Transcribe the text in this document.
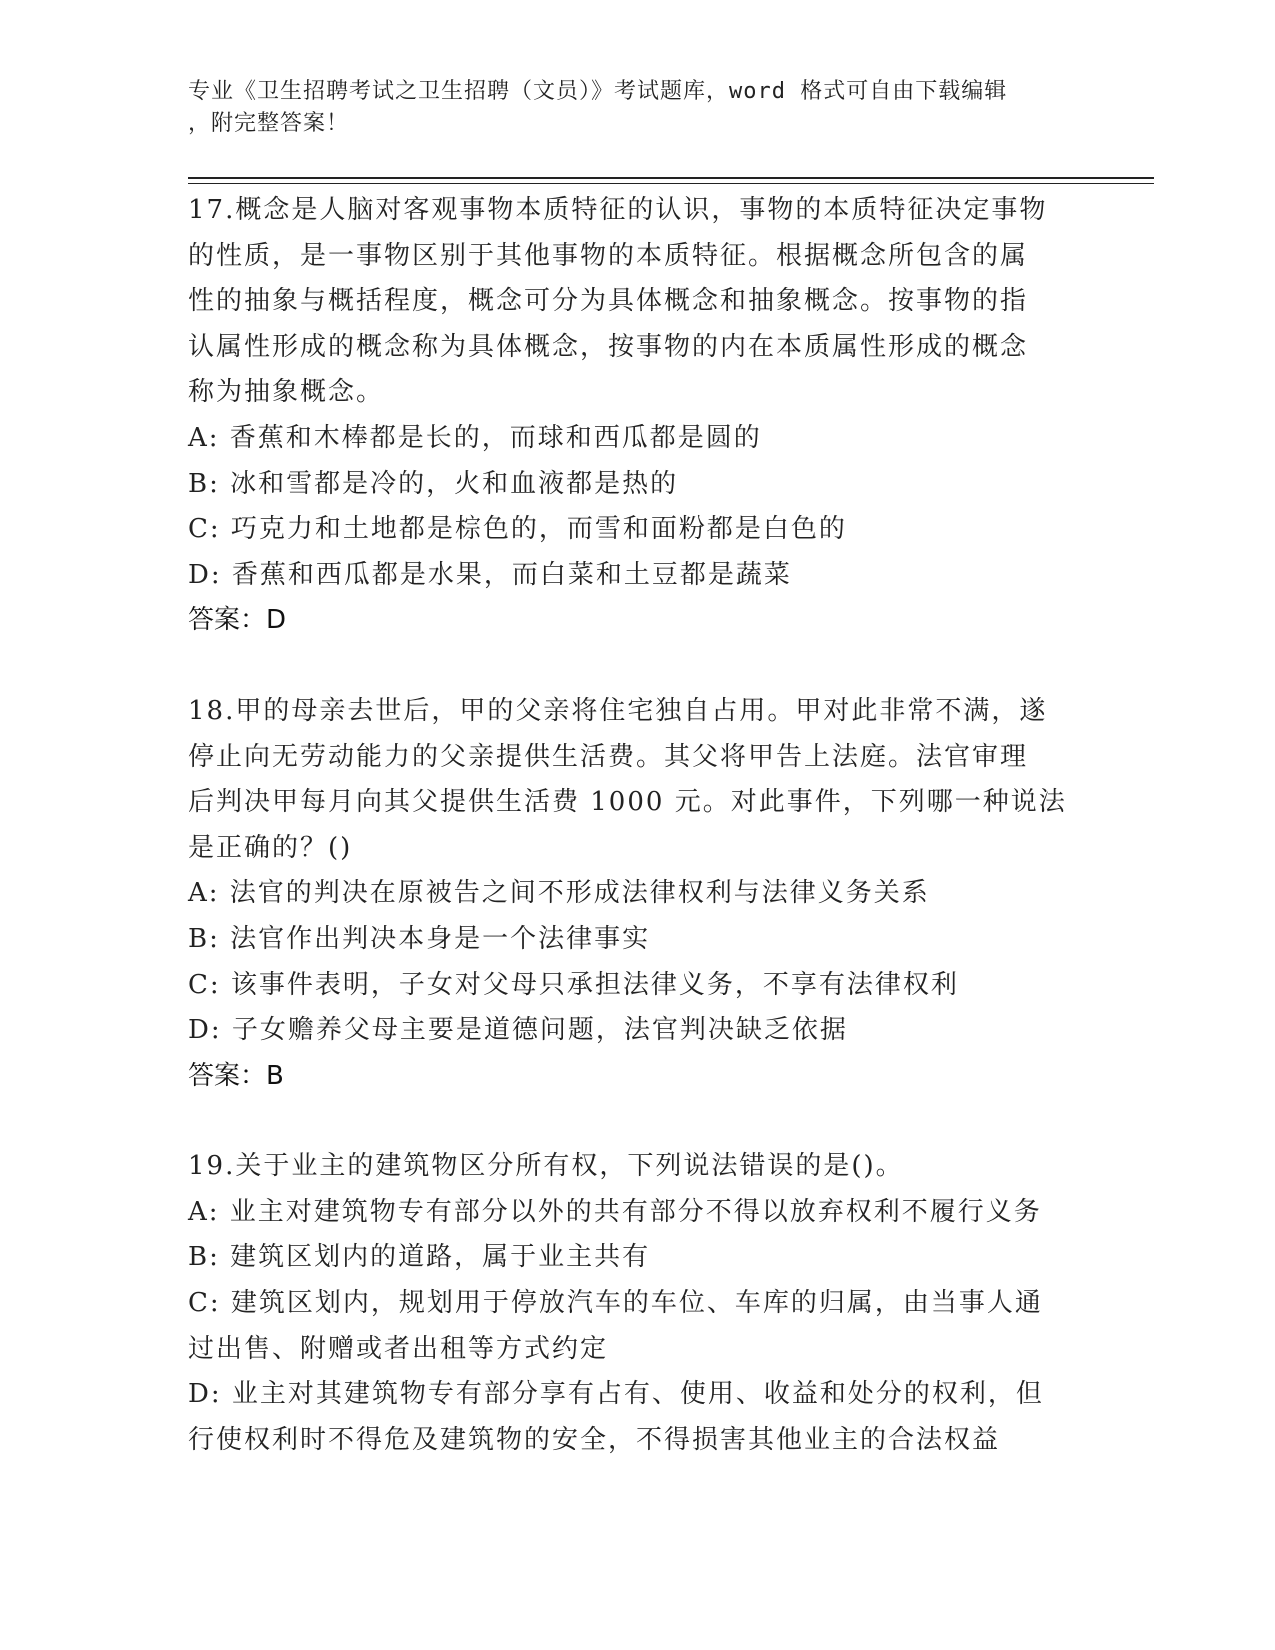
专业《卫生招聘考试之卫生招聘（文员）》考试题库，word 格式可自由下载编辑
，附完整答案！
17.概念是人脑对客观事物本质特征的认识，事物的本质特征决定事物
的性质，是一事物区别于其他事物的本质特征。根据概念所包含的属
性的抽象与概括程度，概念可分为具体概念和抽象概念。按事物的指
认属性形成的概念称为具体概念，按事物的内在本质属性形成的概念
称为抽象概念。
A: 香蕉和木棒都是长的，而球和西瓜都是圆的
B: 冰和雪都是冷的，火和血液都是热的
C: 巧克力和土地都是棕色的，而雪和面粉都是白色的
D: 香蕉和西瓜都是水果，而白菜和土豆都是蔬菜
答案：D
18.甲的母亲去世后，甲的父亲将住宅独自占用。甲对此非常不满，遂
停止向无劳动能力的父亲提供生活费。其父将甲告上法庭。法官审理
后判决甲每月向其父提供生活费 1000 元。对此事件，下列哪一种说法
是正确的？()
A: 法官的判决在原被告之间不形成法律权利与法律义务关系
B: 法官作出判决本身是一个法律事实
C: 该事件表明，子女对父母只承担法律义务，不享有法律权利
D: 子女赡养父母主要是道德问题，法官判决缺乏依据
答案：B
19.关于业主的建筑物区分所有权，下列说法错误的是()。
A: 业主对建筑物专有部分以外的共有部分不得以放弃权利不履行义务
B: 建筑区划内的道路，属于业主共有
C: 建筑区划内，规划用于停放汽车的车位、车库的归属，由当事人通
过出售、附赠或者出租等方式约定
D: 业主对其建筑物专有部分享有占有、使用、收益和处分的权利，但
行使权利时不得危及建筑物的安全，不得损害其他业主的合法权益
